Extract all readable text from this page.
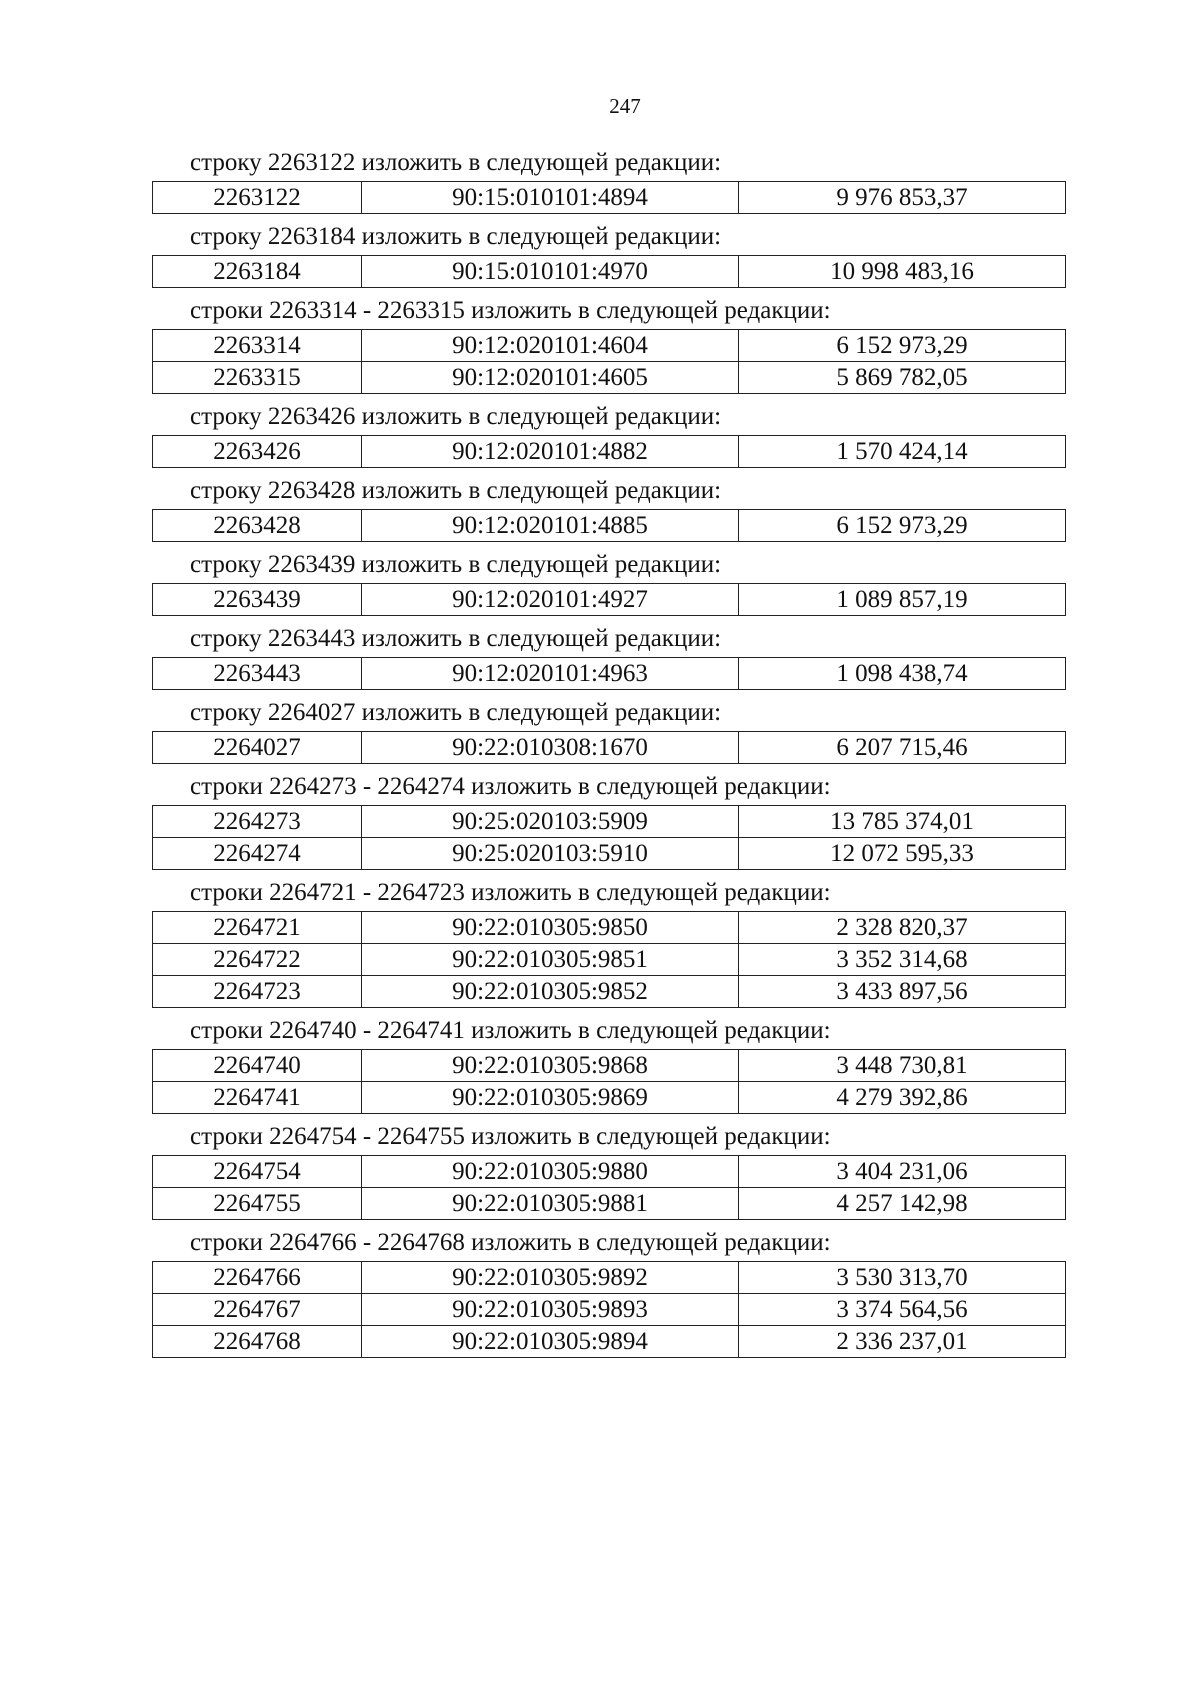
247
строку 2263122 изложить в следующей редакции:
2263122	90:15:010101:4894	9 976 853,37
строку 2263184 изложить в следующей редакции:
2263184	90:15:010101:4970	10 998 483,16
строки 2263314 - 2263315 изложить в следующей редакции:
2263314	90:12:020101:4604	6 152 973,29
2263315	90:12:020101:4605	5 869 782,05
строку 2263426 изложить в следующей редакции:
2263426	90:12:020101:4882	1 570 424,14
строку 2263428 изложить в следующей редакции:
2263428	90:12:020101:4885	6 152 973,29
строку 2263439 изложить в следующей редакции:
2263439	90:12:020101:4927	1 089 857,19
строку 2263443 изложить в следующей редакции:
2263443	90:12:020101:4963	1 098 438,74
строку 2264027 изложить в следующей редакции:
2264027	90:22:010308:1670	6 207 715,46
строки 2264273 - 2264274 изложить в следующей редакции:
2264273	90:25:020103:5909	13 785 374,01
2264274	90:25:020103:5910	12 072 595,33
строки 2264721 - 2264723 изложить в следующей редакции:
2264721	90:22:010305:9850	2 328 820,37
2264722	90:22:010305:9851	3 352 314,68
2264723	90:22:010305:9852	3 433 897,56
строки 2264740 - 2264741 изложить в следующей редакции:
2264740	90:22:010305:9868	3 448 730,81
2264741	90:22:010305:9869	4 279 392,86
строки 2264754 - 2264755 изложить в следующей редакции:
2264754	90:22:010305:9880	3 404 231,06
2264755	90:22:010305:9881	4 257 142,98
строки 2264766 - 2264768 изложить в следующей редакции:
2264766	90:22:010305:9892	3 530 313,70
2264767	90:22:010305:9893	3 374 564,56
2264768	90:22:010305:9894	2 336 237,01
